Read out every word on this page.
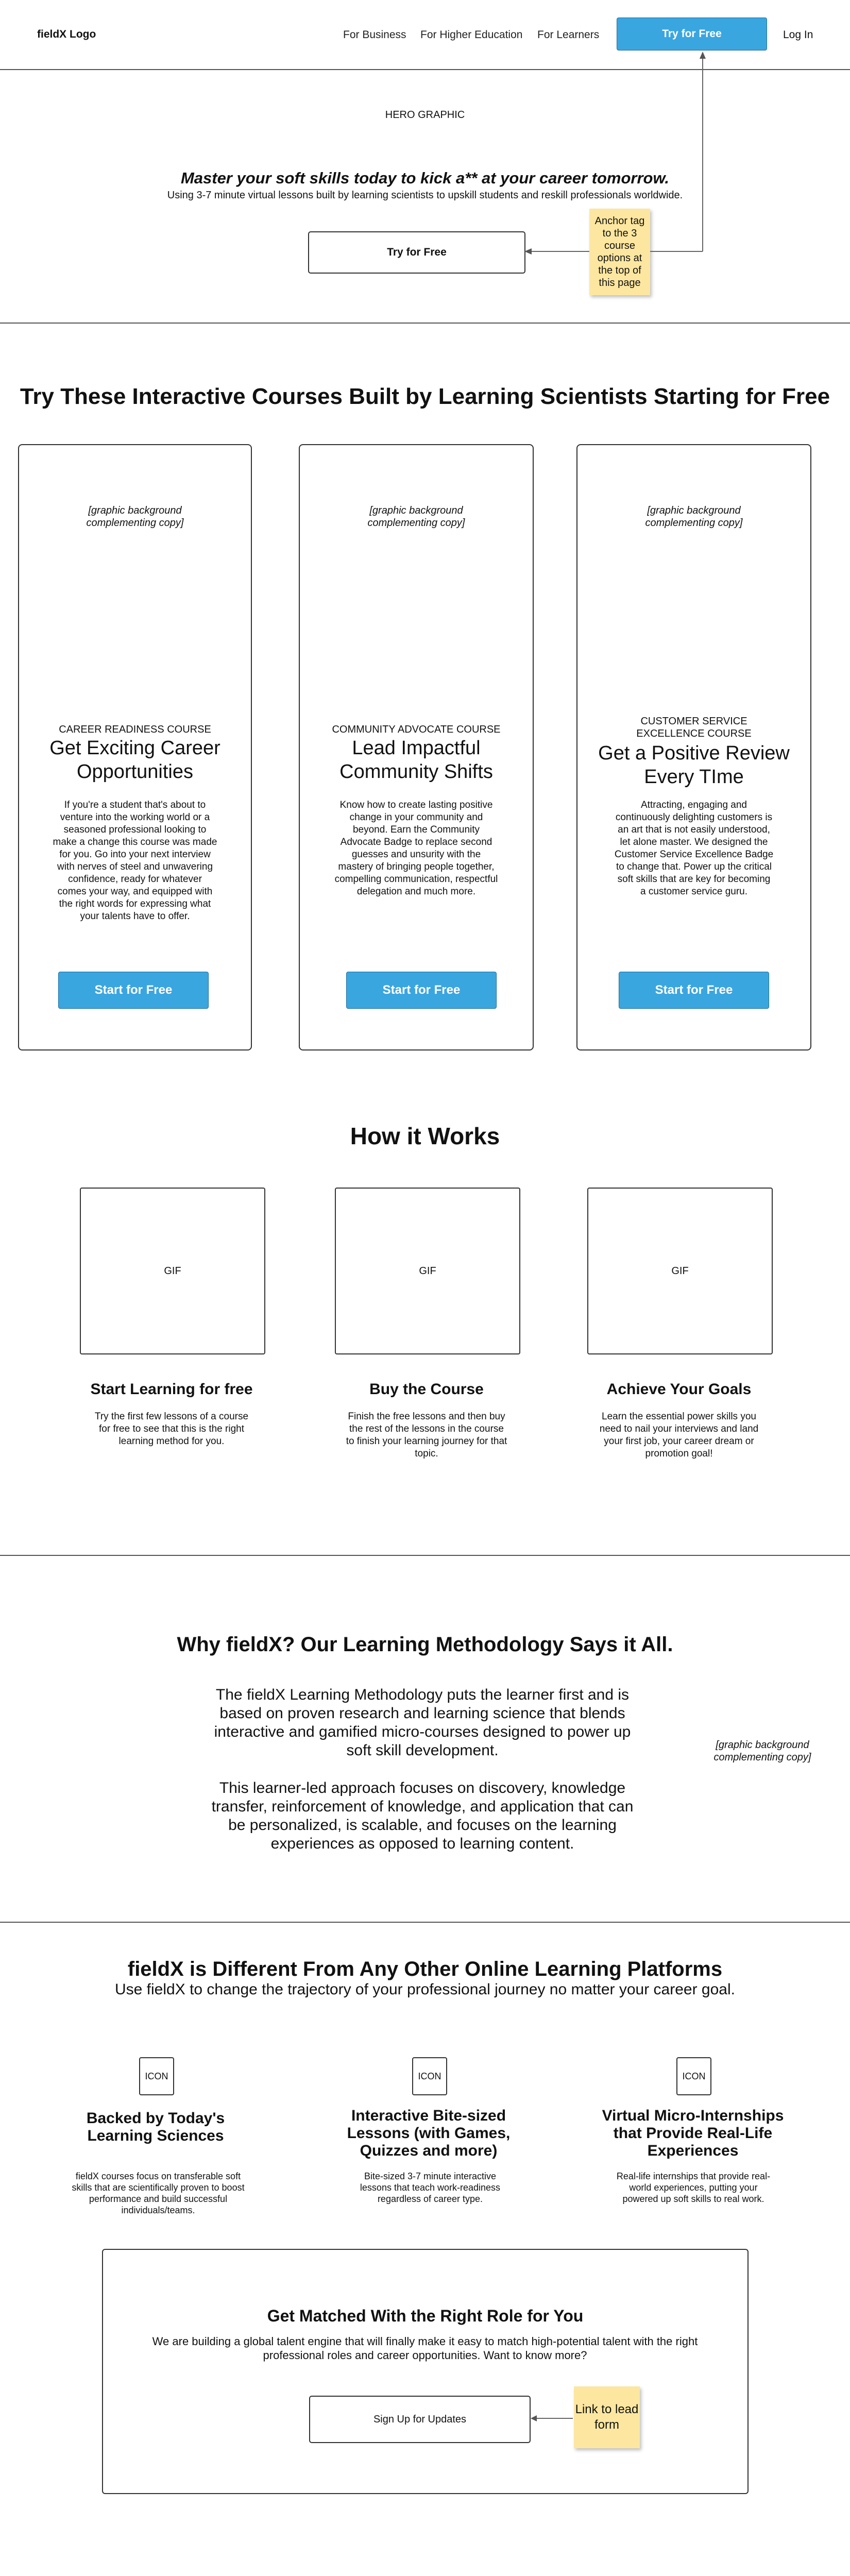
fieldX Logo	For Business For Higher Education For Learners	Try for Free	Log In
HERO GRAPHIC
Master your soft skills today to kick a** at your career tomorrow.
Using 3-7 minute virtual lessons built by learning scientists to upskill students and reskill professionals worldwide.
Try for Free
Anchor tag to the 3 course options at the top of this page
Try These Interactive Courses Built by Learning Scientists Starting for Free
[graphic background complementing copy]
CAREER READINESS COURSE
Get Exciting Career Opportunities
If you're a student that's about to venture into the working world or a seasoned professional looking to make a change this course was made for you. Go into your next interview with nerves of steel and unwavering confidence, ready for whatever comes your way, and equipped with the right words for expressing what your talents have to offer.
Start for Free
[graphic background complementing copy]
COMMUNITY ADVOCATE COURSE
Lead Impactful Community Shifts
Know how to create lasting positive change in your community and beyond. Earn the Community Advocate Badge to replace second guesses and unsurity with the mastery of bringing people together, compelling communication, respectful delegation and much more.
Start for Free
[graphic background complementing copy]
CUSTOMER SERVICE EXCELLENCE COURSE
Get a Positive Review Every TIme
Attracting, engaging and continuously delighting customers is an art that is not easily understood, let alone master. We designed the Customer Service Excellence Badge to change that. Power up the critical soft skills that are key for becoming a customer service guru.
Start for Free
How it Works
GIF	GIF	GIF
Start Learning for free	Buy the Course	Achieve Your Goals
Try the first few lessons of a course for free to see that this is the right learning method for you.
Finish the free lessons and then buy the rest of the lessons in the course to finish your learning journey for that topic.
Learn the essential power skills you need to nail your interviews and land your first job, your career dream or promotion goal!
Why fieldX? Our Learning Methodology Says it All.
The fieldX Learning Methodology puts the learner first and is based on proven research and learning science that blends interactive and gamified micro-courses designed to power up soft skill development.
This learner-led approach focuses on discovery, knowledge transfer, reinforcement of knowledge, and application that can be personalized, is scalable, and focuses on the learning experiences as opposed to learning content.
[graphic background complementing copy]
fieldX is Different From Any Other Online Learning Platforms
Use fieldX to change the trajectory of your professional journey no matter your career goal.
ICON	ICON	ICON
Backed by Today's Learning Sciences
Interactive Bite-sized Lessons (with Games, Quizzes and more)
Virtual Micro-Internships that Provide Real-Life Experiences
fieldX courses focus on transferable soft skills that are scientifically proven to boost performance and build successful individuals/teams.
Bite-sized 3-7 minute interactive lessons that teach work-readiness regardless of career type.
Real-life internships that provide real-world experiences, putting your powered up soft skills to real work.
Get Matched With the Right Role for You
We are building a global talent engine that will finally make it easy to match high-potential talent with the right professional roles and career opportunities. Want to know more?
Sign Up for Updates
Link to lead form
